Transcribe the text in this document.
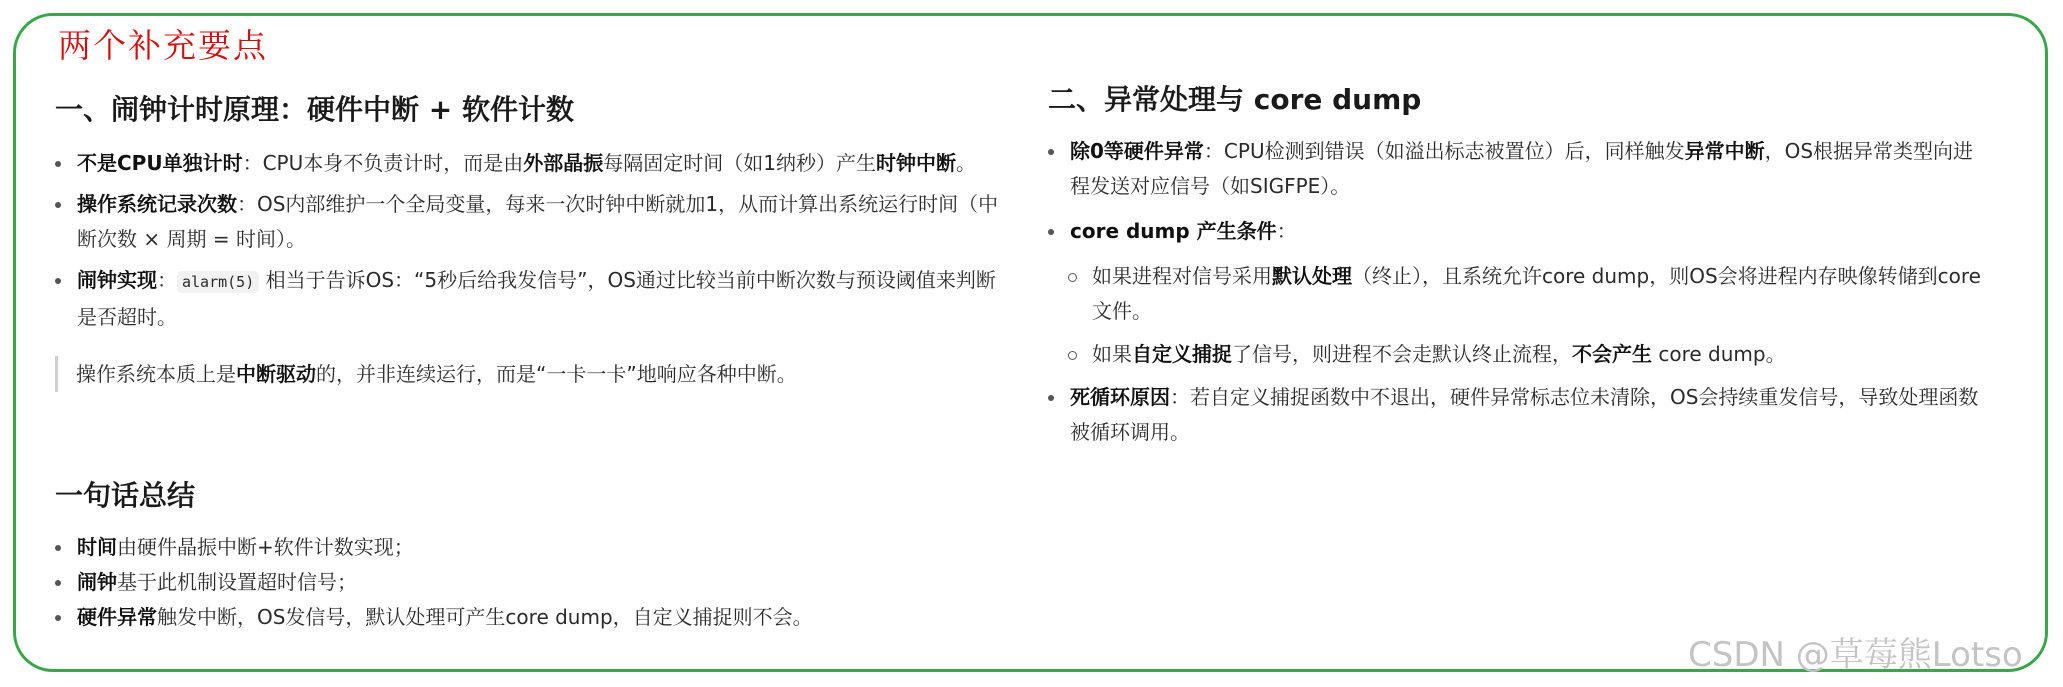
两个补充要点
一、闹钟计时原理：硬件中断 + 软件计数
不是CPU单独计时：CPU本身不负责计时，而是由外部晶振每隔固定时间（如1纳秒）产生时钟中断。
操作系统记录次数：OS内部维护一个全局变量，每来一次时钟中断就加1，从而计算出系统运行时间（中
断次数 × 周期 = 时间）。
闹钟实现： alarm(5) 相当于告诉OS：“5秒后给我发信号”，OS通过比较当前中断次数与预设阈值来判断
是否超时。
操作系统本质上是中断驱动的，并非连续运行，而是“一卡一卡”地响应各种中断。
一句话总结
时间由硬件晶振中断+软件计数实现；
闹钟基于此机制设置超时信号；
硬件异常触发中断，OS发信号，默认处理可产生core dump，自定义捕捉则不会。
二、异常处理与 core dump
除0等硬件异常：CPU检测到错误（如溢出标志被置位）后，同样触发异常中断，OS根据异常类型向进
程发送对应信号（如SIGFPE）。
core dump 产生条件：
如果进程对信号采用默认处理（终止），且系统允许core dump，则OS会将进程内存映像转储到core
文件。
如果自定义捕捉了信号，则进程不会走默认终止流程，不会产生 core dump。
死循环原因：若自定义捕捉函数中不退出，硬件异常标志位未清除，OS会持续重发信号，导致处理函数
被循环调用。
CSDN @草莓熊Lotso
